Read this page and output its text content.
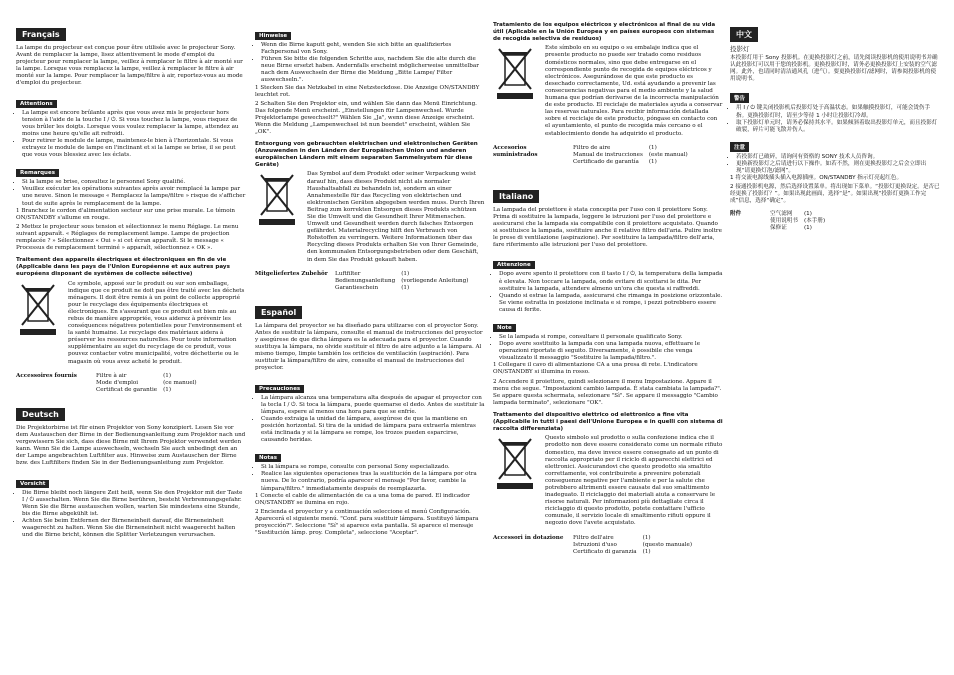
Français

La lampe du projecteur est conçue pour être utilisée avec le projecteur Sony. Avant de remplacer la lampe, lisez attentivement le mode d'emploi du projecteur pour remplacer la lampe, veillez à remplacer le filtre à air monté sur la lampe. Lorsque vous remplacez la lampe, veillez à remplacer le filtre à air monté sur la lampe. Pour remplacer la lampe/filtre à air, reportez-vous au mode d'emploi du projecteur.

Attentions
• La lampe est encore brûlante après que vous avez mis le projecteur hors tension à l'aide de la touche I / ⏻. Si vous touchez la lampe, vous risquez de vous brûler les doigts. Lorsque vous voulez remplacer la lampe, attendez au moins une heure qu'elle ait refroidi.
• Pour retirer le module de lampe, maintenez-le bien à l'horizontale. Si vous extrayez le module de lampe en l'inclinant et si la lampe se brise, il se peut que vous vous blessiez avec les éclats.
Remarques
• Si la lampe se brise, consultez le personnel Sony qualifié.
• Veuillez exécuter les opérations suivantes après avoir remplacé la lampe par une neuve. Sinon le message « Remplacez la lampe/filtre » risque de s'afficher tout de suite après le remplacement de la lampe.

1 Branchez le cordon d'alimentation secteur sur une prise murale. Le témoin ON/STANDBY s'allume en rouge.

2 Mettez le projecteur sous tension et sélectionnez le menu Réglage. Le menu suivant apparaît. « Réglages de remplacement lampe. Lampe de projection remplacée ? » Sélectionnez « Oui » si cet écran apparaît. Si le message « Processus de remplacement terminé » apparaît, sélectionnez « OK ».

Traitement des appareils électriques et électroniques en fin de vie (Applicable dans les pays de l'Union Européenne et aux autres pays européens disposant de systèmes de collecte sélective)

Ce symbole, apposé sur le produit ou sur son emballage, indique que ce produit ne doit pas être traité avec les déchets ménagers. Il doit être remis à un point de collecte approprié pour le recyclage des équipements électriques et électroniques. En s'assurant que ce produit est bien mis au rebus de manière appropriée, vous aiderez à prévenir les conséquences négatives potentielles pour l'environnement et la santé humaine. Le recyclage des matériaux aidera à préserver les ressources naturelles. Pour toute information supplémentaire au sujet du recyclage de ce produit, vous pouvez contacter votre municipalité, votre déchetterie ou le magasin où vous avez acheté le produit.

Accessoires fournis	Filtre à air	(1)
Mode d'emploi	(ce manuel)
Certificat de garantie	(1)
Deutsch

Die Projektorbirne ist für einen Projektor von Sony konzipiert. Lesen Sie vor dem Austauschen der Birne in der Bedienungsanleitung zum Projektor nach und vergewissern Sie sich, dass diese Birne mit Ihrem Projektor verwendet werden kann. Wenn Sie die Lampe auswechseln, wechseln Sie auch unbedingt den an der Lampe angebrachten Luftfilter aus. Hinweise zum Austauschen der Birne bzw. des Luftfilters finden Sie in der Bedienungsanleitung zum Projektor.

Vorsicht
• Die Birne bleibt noch längere Zeit heiß, wenn Sie den Projektor mit der Taste I / ⏻ ausschalten. Wenn Sie die Birne berühren, besteht Verbrennungsgefahr. Wenn Sie die Birne austauschen wollen, warten Sie mindestens eine Stunde, bis die Birne abgekühlt ist.
• Achten Sie beim Entfernen der Birneneinheit darauf, die Birneneinheit waagerecht zu halten. Wenn Sie die Birneneinheit nicht waagerecht halten und die Birne bricht, können die Splitter Verletzungen verursachen.
Hinweise
• Wenn die Birne kaputt geht, wenden Sie sich bitte an qualifiziertes Fachpersonal von Sony.
• Führen Sie bitte die folgenden Schritte aus, nachdem Sie die alte durch die neue Birne ersetzt haben. Andernfalls erscheint möglicherweise unmittelbar nach dem Auswechseln der Birne die Meldung „Bitte Lampe/ Filter auswechseln.".

1 Stecken Sie das Netzkabel in eine Netzsteckdose. Die Anzeige ON/STANDBY leuchtet rot.

2 Schalten Sie den Projektor ein, und wählen Sie dann das Menü Einrichtung. Das folgende Menü erscheint. „Einstellungen für Lampenwechsel. Wurde Projektorlampe gewechselt?" Wählen Sie „Ja", wenn diese Anzeige erscheint. Wenn die Meldung „Lampenwechsel ist nun beendet" erscheint, wählen Sie „OK".

Entsorgung von gebrauchten elektrischen und elektronischen Geräten (Anzuwenden in den Ländern der Europäischen Union und anderen europäischen Ländern mit einem separaten Sammelsystem für diese Geräte)

Das Symbol auf dem Produkt oder seiner Verpackung weist darauf hin, dass dieses Produkt nicht als normaler Haushaltsabfall zu behandeln ist, sondern an einer Annahmestelle für das Recycling von elektrischen und elektronischen Geräten abgegeben werden muss. Durch Ihren Beitrag zum korrekten Entsorgen dieses Produkts schützen Sie die Umwelt und die Gesundheit Ihrer Mitmenschen. Umwelt und Gesundheit werden durch falsches Entsorgen gefährdet. Materialrecycling hilft den Verbrauch von Rohstoffen zu verringern. Weitere Informationen über das Recycling dieses Produkts erhalten Sie von Ihrer Gemeinde, den kommunalen Entsorgungsbetrieben oder dem Geschäft, in dem Sie das Produkt gekauft haben.

Mitgeliefertes Zubehör	Luftfilter	(1)
Bedienungsanleitung	(vorliegende Anleitung)
Garantieschein	(1)
Español

La lámpara del proyector se ha diseñado para utilizarse con el proyector Sony. Antes de sustituir la lámpara, consulte el manual de instrucciones del proyector y asegúrese de que dicha lámpara es la adecuada para el proyector. Cuando sustituya la lámpara, no olvide sustituir el filtro de aire adjunto a la lámpara. Al mismo tiempo, limpie también los orificios de ventilación (aspiración). Para sustituir la lámpara/filtro de aire, consulte el manual de instrucciones del proyector.

Precauciones
• La lámpara alcanza una temperatura alta después de apagar el proyector con la tecla I / ⏻. Si toca la lámpara, puede quemarse el dedo. Antes de sustituir la lámpara, espere al menos una hora para que se enfríe.
• Cuando extraiga la unidad de lámpara, asegúrese de que la mantiene en posición horizontal. Si tira de la unidad de lámpara para extraerla mientras está inclinada y si la lámpara se rompe, los trozos pueden esparcirse, causando heridas.
Notas
• Si la lámpara se rompe, consulte con personal Sony especializado.
• Realice las siguientes operaciones tras la sustitución de la lámpara por otra nueva. De lo contrario, podría aparecer el mensaje "Por favor, cambie la lámpara/filtro." inmediatamente después de reemplazarla.

1 Conecte el cable de alimentación de ca a una toma de pared. El indicador ON/STANDBY se ilumina en rojo.

2 Encienda el proyector y a continuación seleccione el menú Configuración. Aparecerá el siguiente menú. "Conf. para sustituir lámpara. Sustituyó lámpara proyección?". Seleccione "Sí" si aparece esta pantalla. Si aparece el mensaje "Sustitución lámp. proy. Completa", seleccione "Aceptar".

Tratamiento de los equipos eléctricos y electrónicos al final de su vida útil (Aplicable en la Unión Europea y en países europeos con sistemas de recogida selectiva de residuos)

Este símbolo en su equipo o su embalaje indica que el presente producto no puede ser tratado como residuos domésticos normales, sino que debe entregarse en el correspondiente punto de recogida de equipos eléctricos y electrónicos. Asegurándose de que este producto es desechado correctamente, Ud. está ayudando a prevenir las consecuencias negativas para el medio ambiente y la salud humana que podrían derivarse de la incorrecta manipulación de este producto. El reciclaje de materiales ayuda a conservar las reservas naturales. Para recibir información detallada sobre el reciclaje de este producto, póngase en contacto con el ayuntamiento, el punto de recogida más cercano o el establecimiento donde ha adquirido el producto.

Accesorios suministrados
Filtro de aire	(1)
Manual de instrucciones	(este manual)
Certificado de garantía	(1)
Italiano

La lampada del proiettore è stata concepita per l'uso con il proiettore Sony. Prima di sostituire la lampada, leggere le istruzioni per l'uso del proiettore e assicurarsi che la lampada sia compatibile con il proiettore acquistato. Quando si sostituisce la lampada, sostituire anche il relativo filtro dell'aria. Pulire inoltre le prese di ventilazione (aspirazione). Per sostituire la lampada/filtro dell'aria, fare riferimento alle istruzioni per l'uso del proiettore.

Attenzione
• Dopo avere spento il proiettore con il tasto I / ⏻, la temperatura della lampada è elevata. Non toccare la lampada, onde evitare di scottarsi le dita. Per sostituire la lampada, attendere almeno un'ora che questa si raffreddi.
• Quando si estrae la lampada, assicurarsi che rimanga in posizione orizzontale. Se viene estratta in posizione inclinata e si rompe, i pezzi potrebbero essere causa di ferite.
Note
• Se la lampada si rompe, consultare il personale qualificato Sony.
• Dopo avere sostituito la lampada con una lampada nuova, effettuare le operazioni riportate di seguito. Diversamente, è possibile che venga visualizzato il messaggio "Sostituire la lampada/filtro.".

1 Collegare il cavo di alimentazione CA a una presa di rete. L'indicatore ON/STANDBY si illumina in rosso.

2 Accendere il proiettore, quindi selezionare il menu Impostazione. Appare il menu che segue. "Impostazioni cambio lampada. È stata cambiata la lampada?". Se appare questa schermata, selezionare "Sì". Se appare il messaggio "Cambio lampada terminato", selezionare "OK".

Trattamento del dispositivo elettrico od elettronico a fine vita (Applicabile in tutti i paesi dell'Unione Europea e in quelli con sistema di raccolta differenziata)

Questo simbolo sul prodotto o sulla confezione indica che il prodotto non deve essere considerato come un normale rifiuto domestico, ma deve invece essere consegnato ad un punto di raccolta appropriato per il riciclo di apparecchi elettrici ed elettronici. Assicurandovi che questo prodotto sia smaltito correttamente, voi contribuirete a prevenire potenziali conseguenze negative per l'ambiente e per la salute che potrebbero altrimenti essere causate dal suo smaltimento inadeguato. Il riciclaggio dei materiali aiuta a conservare le risorse naturali. Per informazioni più dettagliate circa il riciclaggio di questo prodotto, potete contattare l'ufficio comunale, il servizio locale di smaltimento rifiuti oppure il negozio dove l'avete acquistato.

Accessori in dotazione	Filtro dell'aire	(1)
Istruzioni d'uso	(questo manuale)
Certificato di garanzia	(1)
中文

投影灯

本投影灯用于 Sony 投影机。在更换投影灯之前，请先阅读投影机的使用说明书并确认此投影灯可以用于您的投影机。更换投影灯时，请务必更换投影灯上安装的空气滤网。此外，也请同时清洁通风孔（进气）。要更换投影灯/滤网时，请参阅投影机的使用说明书。

警告
• 用 I / ⏻ 键关闭投影机后投影灯处于高温状态。如果触摸投影灯，可能会烫伤手指。更换投影灯时，请至少等待 1 小时让投影灯冷却。
• 取下投影灯单元时，请务必保持其水平。如果倾斜着取出投影灯单元，而且投影灯破裂，碎片可能飞散并伤人。
注意
• 若投影灯已破碎，请询问有资格的 SONY 技术人员咨询。
• 更换新投影灯之后请进行以下操作。如若不然，则在更换投影灯之后会立即出现“请更换灯泡/滤网”。

1 将交流电源线插头插入电源插座。ON/STANDBY 指示灯亮起红色。

2 接通投影机电源，然后选择设置菜单。将出现如下菜单。“投影灯更换设定。是否已经更换了投影灯？”。如果出现此画面，选择“是”。如果出现“投影灯更换工作完成”信息，选择“确定”。

附件	空气滤网	(1)
使用说明书	(本手册)
保修证	(1)
